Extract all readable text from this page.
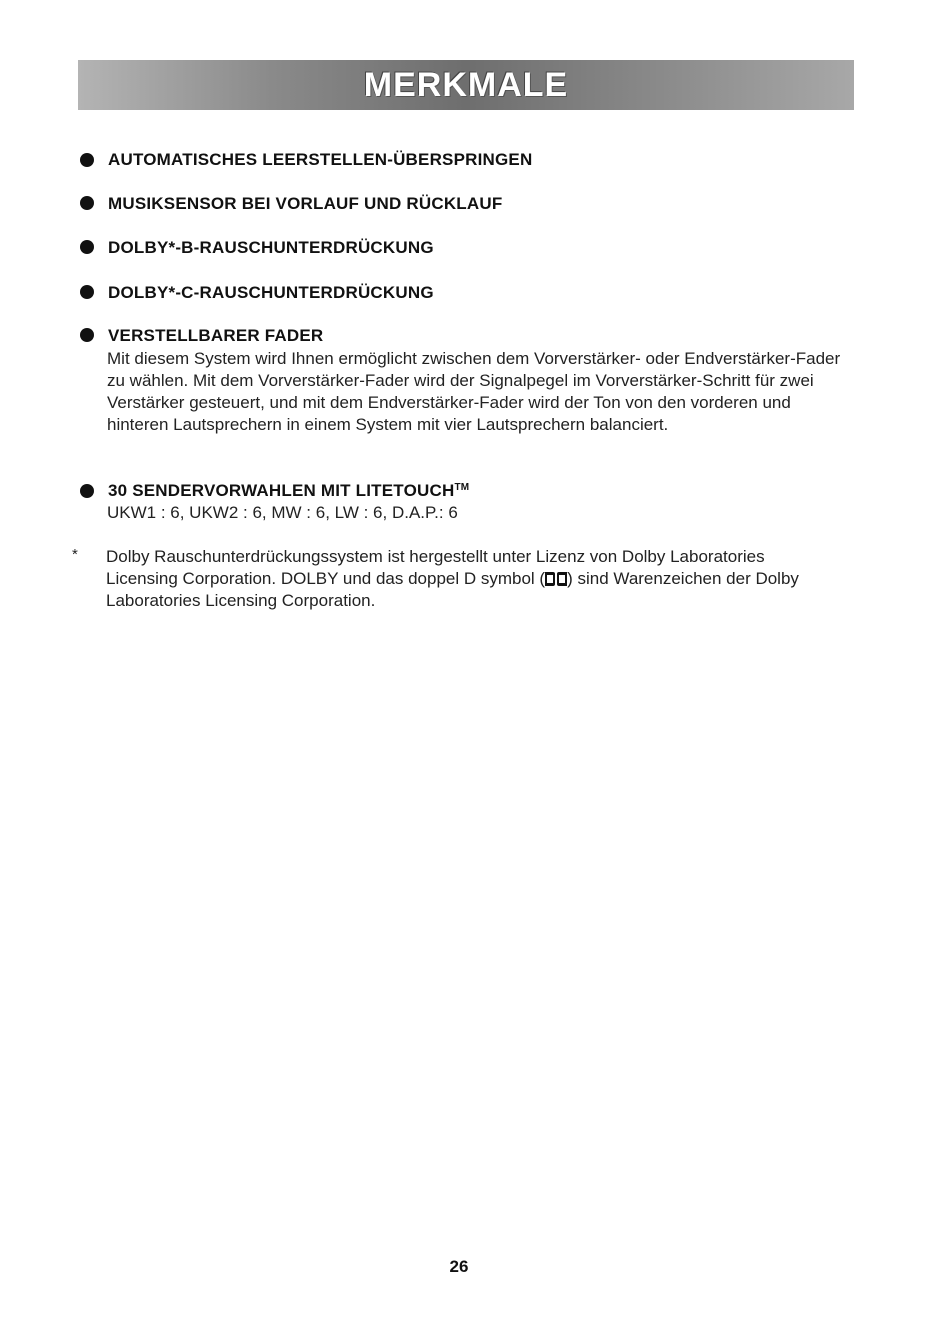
MERKMALE
AUTOMATISCHES LEERSTELLEN-ÜBERSPRINGEN
MUSIKSENSOR BEI VORLAUF UND RÜCKLAUF
DOLBY*-B-RAUSCHUNTERDRÜCKUNG
DOLBY*-C-RAUSCHUNTERDRÜCKUNG
VERSTELLBARER FADER
Mit diesem System wird Ihnen ermöglicht zwischen dem Vorverstärker- oder Endverstärker-Fader zu wählen. Mit dem Vorverstärker-Fader wird der Signalpegel im Vorverstärker-Schritt für zwei Verstärker gesteuert, und mit dem Endverstärker-Fader wird der Ton von den vorderen und hinteren Lautsprechern in einem System mit vier Lautsprechern balanciert.
30 SENDERVORWAHLEN MIT LITETOUCH™
UKW1 : 6, UKW2 : 6, MW : 6, LW : 6, D.A.P.: 6
* Dolby Rauschunterdrückungssystem ist hergestellt unter Lizenz von Dolby Laboratories Licensing Corporation. DOLBY und das doppel D symbol ( ) sind Warenzeichen der Dolby Laboratories Licensing Corporation.
26
